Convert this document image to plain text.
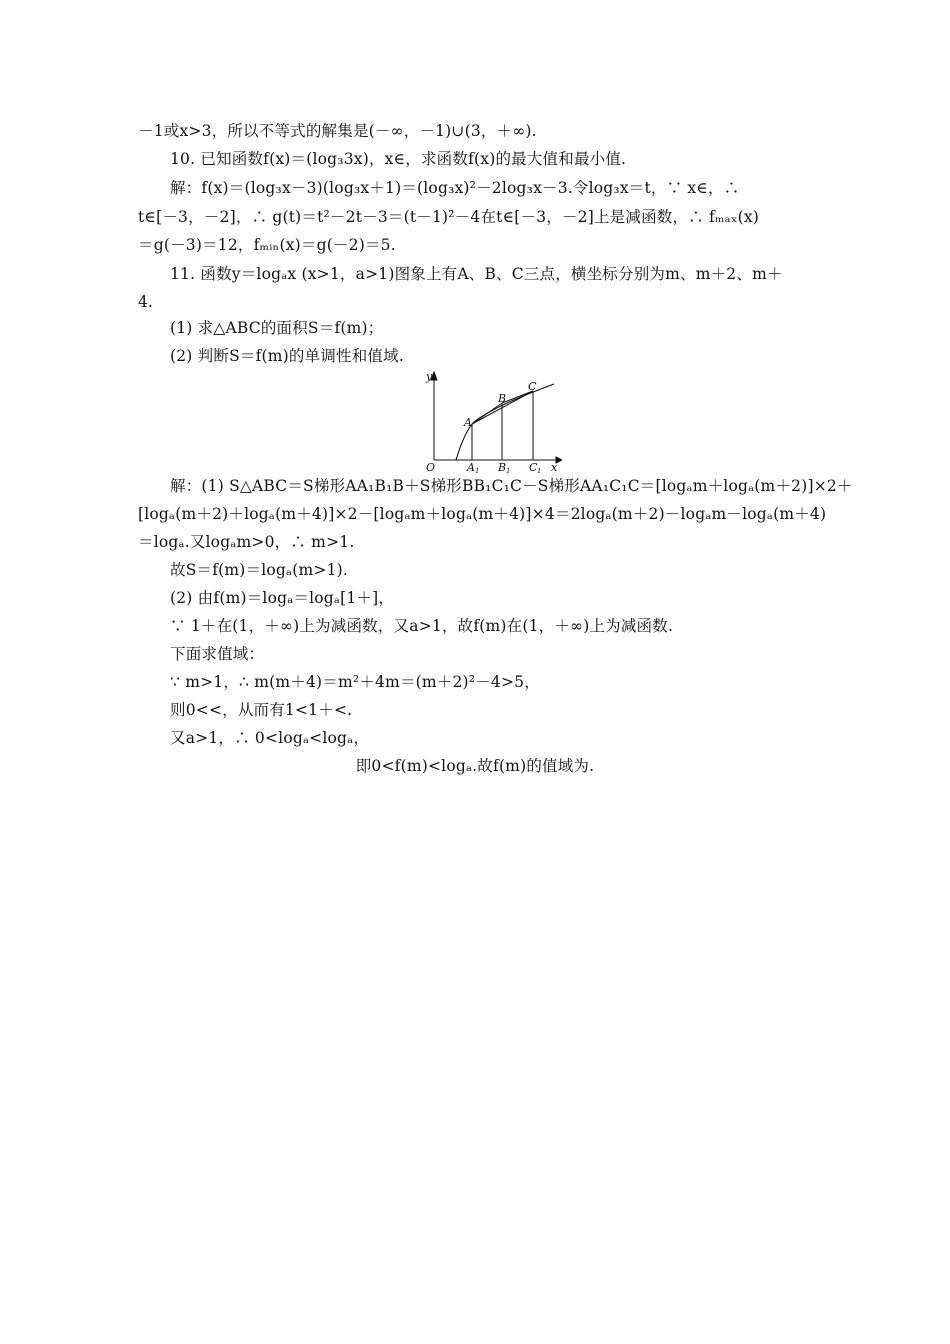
－1或x>3，所以不等式的解集是(－∞，－1)∪(3，＋∞).
10. 已知函数f(x)＝(log₃3x)，x∈，求函数f(x)的最大值和最小值.
解：f(x)＝(log₃x－3)(log₃x＋1)＝(log₃x)²－2log₃x－3.令log₃x＝t，∵ x∈，∴
t∈[－3，－2]，∴ g(t)＝t²－2t－3＝(t－1)²－4在t∈[－3，－2]上是减函数，∴ fₘₐₓ(x)
＝g(－3)＝12，fₘᵢₙ(x)＝g(－2)＝5.
11. 函数y＝logₐx (x>1，a>1)图象上有A、B、C三点，横坐标分别为m、m＋2、m＋
4.
(1) 求△ABC的面积S＝f(m)；
(2) 判断S＝f(m)的单调性和值域.
y
x
O
A
B
C
A 1 B 1 C 1
解：(1) S△ABC＝S梯形AA₁B₁B＋S梯形BB₁C₁C－S梯形AA₁C₁C＝[logₐm＋logₐ(m＋2)]×2＋
[logₐ(m＋2)＋logₐ(m＋4)]×2－[logₐm＋logₐ(m＋4)]×4＝2logₐ(m＋2)－logₐm－logₐ(m＋4)
＝logₐ.又logₐm>0，∴ m>1.
故S＝f(m)＝logₐ(m>1).
(2) 由f(m)＝logₐ＝logₐ[1＋]，
∵ 1＋在(1，＋∞)上为减函数，又a>1，故f(m)在(1，＋∞)上为减函数.
下面求值域：
∵ m>1，∴ m(m＋4)＝m²＋4m＝(m＋2)²－4>5，
则0<<，从而有1<1＋<.
又a>1，∴ 0<logₐ<logₐ，
即0<f(m)<logₐ.故f(m)的值域为.
